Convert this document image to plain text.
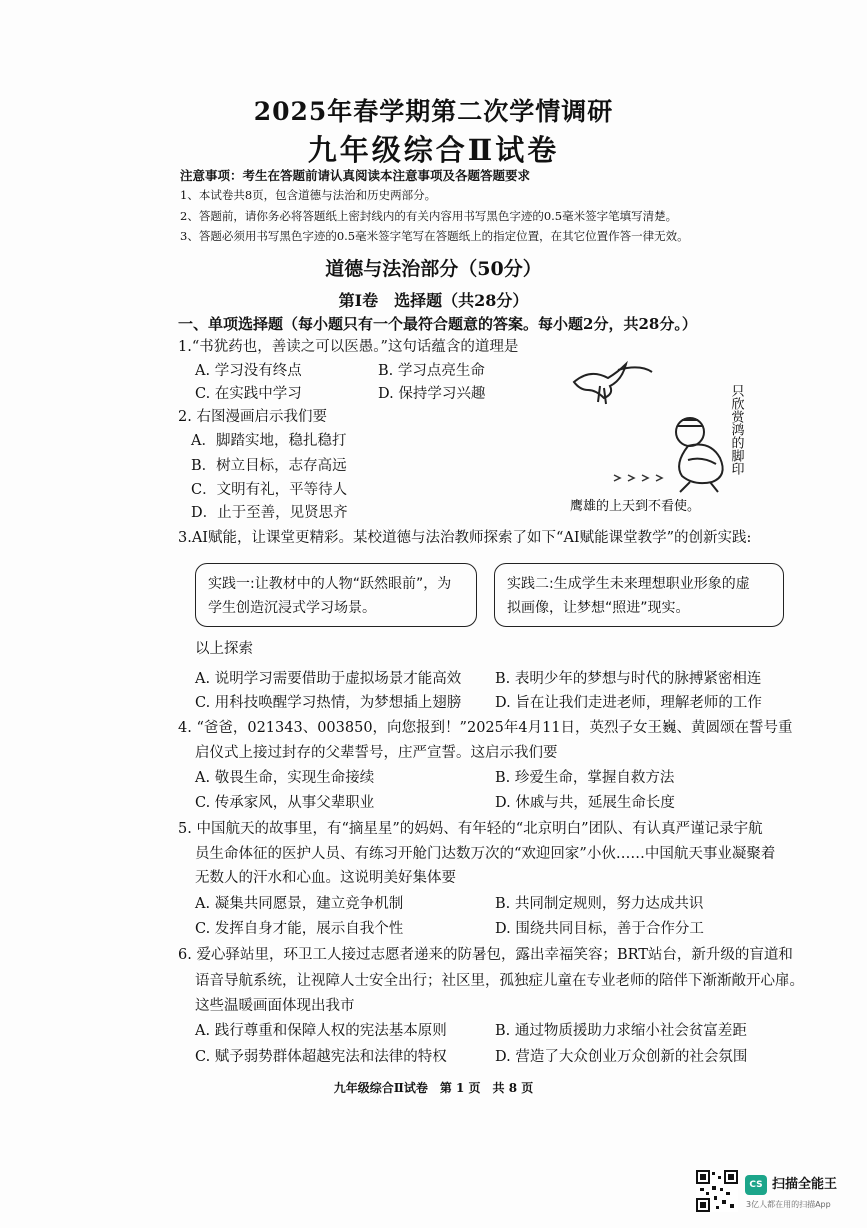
2025年春学期第二次学情调研
九年级综合Ⅱ试卷
注意事项：考生在答题前请认真阅读本注意事项及各题答题要求
1、本试卷共8页，包含道德与法治和历史两部分。
2、答题前，请你务必将答题纸上密封线内的有关内容用书写黑色字迹的0.5毫米签字笔填写清楚。
3、答题必须用书写黑色字迹的0.5毫米签字笔写在答题纸上的指定位置，在其它位置作答一律无效。
道德与法治部分（50分）
第Ⅰ卷　选择题（共28分）
一、单项选择题（每小题只有一个最符合题意的答案。每小题2分，共28分。）
1.“书犹药也，善读之可以医愚。”这句话蕴含的道理是
A. 学习没有终点	B. 学习点亮生命
C. 在实践中学习	D. 保持学习兴趣
2. 右图漫画启示我们要
A．脚踏实地，稳扎稳打
B．树立目标，志存高远
C．文明有礼，平等待人
D．止于至善，见贤思齐
只欣赏鸿的脚印
鹰雄的上天到不看使。
3.AI赋能，让课堂更精彩。某校道德与法治教师探索了如下“AI赋能课堂教学”的创新实践:
实践一:让教材中的人物“跃然眼前”，为
学生创造沉浸式学习场景。
实践二:生成学生未来理想职业形象的虚
拟画像，让梦想“照进”现实。
以上探索
A. 说明学习需要借助于虚拟场景才能高效 B. 表明少年的梦想与时代的脉搏紧密相连
C. 用科技唤醒学习热情，为梦想插上翅膀 D. 旨在让我们走进老师，理解老师的工作
4. “爸爸，021343、003850，向您报到！”2025年4月11日，英烈子女王巍、黄圆颂在誓号重
启仪式上接过封存的父辈誓号，庄严宣誓。这启示我们要
A. 敬畏生命，实现生命接续	B. 珍爱生命，掌握自救方法
C. 传承家风，从事父辈职业	D. 休戚与共，延展生命长度
5. 中国航天的故事里，有“摘星星”的妈妈、有年轻的“北京明白”团队、有认真严谨记录宇航
员生命体征的医护人员、有练习开舱门达数万次的“欢迎回家”小伙……中国航天事业凝聚着
无数人的汗水和心血。这说明美好集体要
A. 凝集共同愿景，建立竞争机制	B. 共同制定规则，努力达成共识
C. 发挥自身才能，展示自我个性	D. 围绕共同目标，善于合作分工
6. 爱心驿站里，环卫工人接过志愿者递来的防暑包，露出幸福笑容；BRT站台，新升级的盲道和
语音导航系统，让视障人士安全出行；社区里，孤独症儿童在专业老师的陪伴下渐渐敞开心扉。
这些温暖画面体现出我市
A. 践行尊重和保障人权的宪法基本原则	B. 通过物质援助力求缩小社会贫富差距
C. 赋予弱势群体超越宪法和法律的特权	D. 营造了大众创业万众创新的社会氛围
九年级综合Ⅱ试卷　第 1 页　共 8 页
CS 扫描全能王
3亿人都在用的扫描App
